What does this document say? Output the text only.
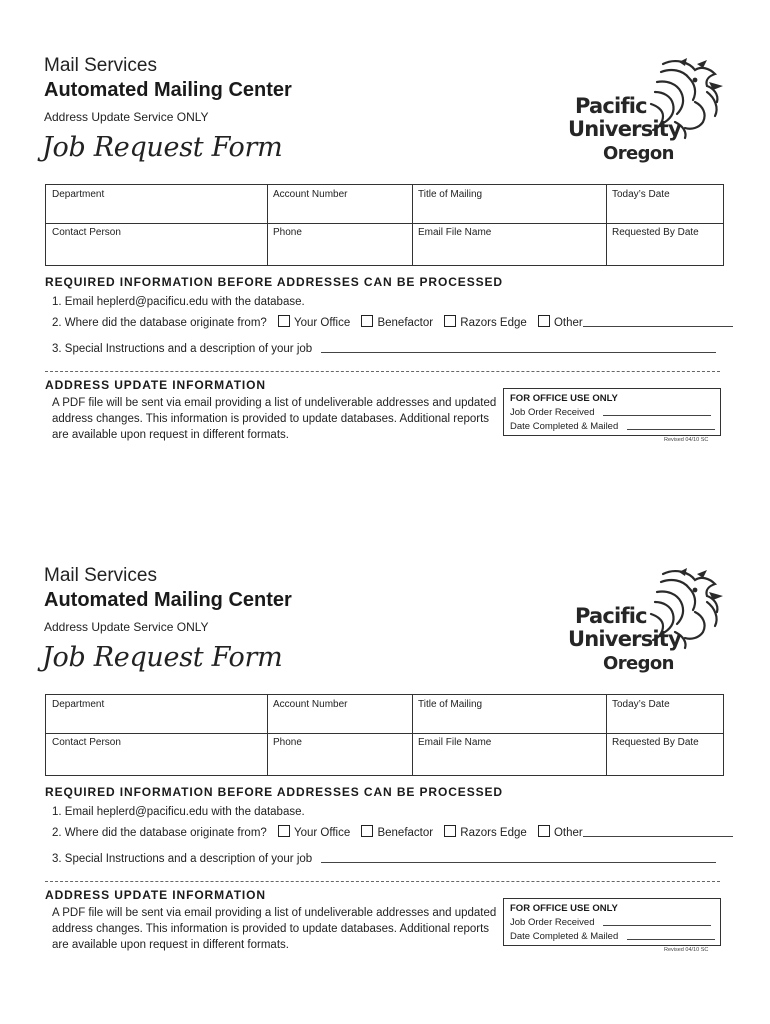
Mail Services
Automated Mailing Center
Address Update Service ONLY
Job Request Form
Pacific
University
Oregon
Department	Account Number	Title of Mailing	Today’s Date
Contact Person	Phone	Email File Name	Requested By Date
REQUIRED INFORMATION BEFORE ADDRESSES CAN BE PROCESSED
1. Email heplerd@pacificu.edu with the database.
2. Where did the database originate from? Your Office Benefactor Razors Edge Other
3. Special Instructions and a description of your job
ADDRESS UPDATE INFORMATION
A PDF file will be sent via email providing a list of undeliverable addresses and updated address changes. This information is provided to update databases. Additional reports are available upon request in different formats.
FOR OFFICE USE ONLY
Job Order Received
Date Completed & Mailed
Revised 04/10 SC
Mail Services
Automated Mailing Center
Address Update Service ONLY
Job Request Form
Pacific
University
Oregon
Department	Account Number	Title of Mailing	Today’s Date
Contact Person	Phone	Email File Name	Requested By Date
REQUIRED INFORMATION BEFORE ADDRESSES CAN BE PROCESSED
1. Email heplerd@pacificu.edu with the database.
2. Where did the database originate from? Your Office Benefactor Razors Edge Other
3. Special Instructions and a description of your job
ADDRESS UPDATE INFORMATION
A PDF file will be sent via email providing a list of undeliverable addresses and updated address changes. This information is provided to update databases. Additional reports are available upon request in different formats.
FOR OFFICE USE ONLY
Job Order Received
Date Completed & Mailed
Revised 04/10 SC
